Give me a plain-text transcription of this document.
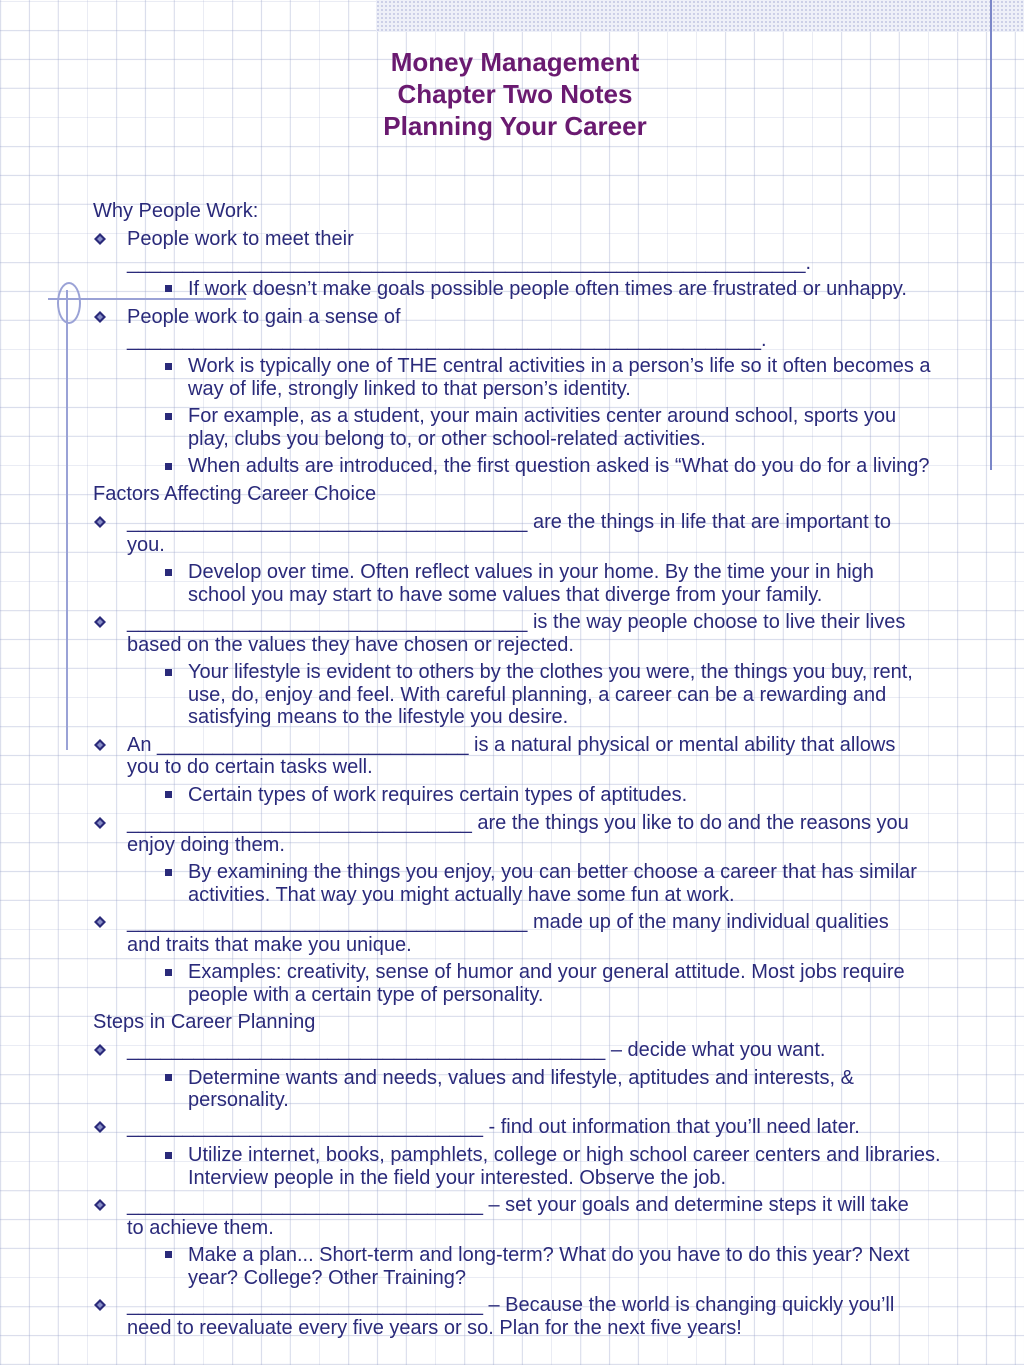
Money Management
Chapter Two Notes
Planning Your Career
Why People Work:
People work to meet their
_____________________________________________________________.
If work doesn’t make goals possible people often times are frustrated or unhappy.
People work to gain a sense of
_________________________________________________________.
Work is typically one of THE central activities in a person’s life so it often becomes a
way of life, strongly linked to that person’s identity.
For example, as a student, your main activities center around school, sports you
play, clubs you belong to, or other school-related activities.
When adults are introduced, the first question asked is “What do you do for a living?
Factors Affecting Career Choice
____________________________________ are the things in life that are important to
you.
Develop over time. Often reflect values in your home. By the time your in high
school you may start to have some values that diverge from your family.
____________________________________ is the way people choose to live their lives
based on the values they have chosen or rejected.
Your lifestyle is evident to others by the clothes you were, the things you buy, rent,
use, do, enjoy and feel. With careful planning, a career can be a rewarding and
satisfying means to the lifestyle you desire.
An ____________________________ is a natural physical or mental ability that allows
you to do certain tasks well.
Certain types of work requires certain types of aptitudes.
_______________________________ are the things you like to do and the reasons you
enjoy doing them.
By examining the things you enjoy, you can better choose a career that has similar
activities. That way you might actually have some fun at work.
____________________________________ made up of the many individual qualities
and traits that make you unique.
Examples: creativity, sense of humor and your general attitude. Most jobs require
people with a certain type of personality.
Steps in Career Planning
___________________________________________ – decide what you want.
Determine wants and needs, values and lifestyle, aptitudes and interests, &
personality.
________________________________ - find out information that you’ll need later.
Utilize internet, books, pamphlets, college or high school career centers and libraries.
Interview people in the field your interested. Observe the job.
________________________________ – set your goals and determine steps it will take
to achieve them.
Make a plan... Short-term and long-term? What do you have to do this year? Next
year? College? Other Training?
________________________________ – Because the world is changing quickly you’ll
need to reevaluate every five years or so. Plan for the next five years!
